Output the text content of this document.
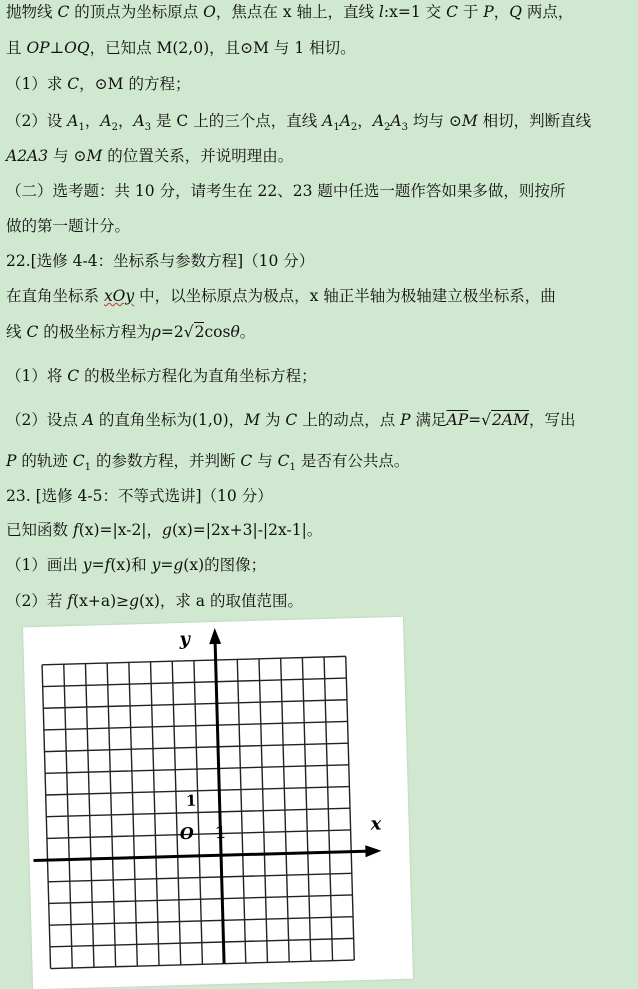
抛物线 C 的顶点为坐标原点 O，焦点在 x 轴上，直线 l:x=1 交 C 于 P，Q 两点，
且 OP⊥OQ，已知点 M(2,0)，且⊙M 与 1 相切。
（1）求 C，⊙M 的方程；
（2）设 $A_1$，$A_2$，$A_3$ 是 C 上的三个点，直线 $A_1A_2$，$A_2A_3$ 均与 ⊙M 相切，判断直线
A2A3 与 ⊙M 的位置关系，并说明理由。
（二）选考题：共 10 分，请考生在 22、23 题中任选一题作答如果多做，则按所
做的第一题计分。
22.[选修 4-4：坐标系与参数方程]（10 分）
在直角坐标系 xOy 中，以坐标原点为极点，x 轴正半轴为极轴建立极坐标系，曲
线 C 的极坐标方程为ρ=2√2cosθ。
（1）将 C 的极坐标方程化为直角坐标方程；
（2）设点 A 的直角坐标为(1,0)，M 为 C 上的动点，点 P 满足$\overline{AP}=√2AM$，写出
P 的轨迹 $C_1$ 的参数方程，并判断 C 与 $C_1$ 是否有公共点。
23. [选修 4-5：不等式选讲]（10 分）
已知函数 f(x)=|x-2|，g(x)=|2x+3|-|2x-1|。
（1）画出 y=f(x)和 y=g(x)的图像；
（2）若 f(x+a)≥g(x)，求 a 的取值范围。
y
x
O 1
1
